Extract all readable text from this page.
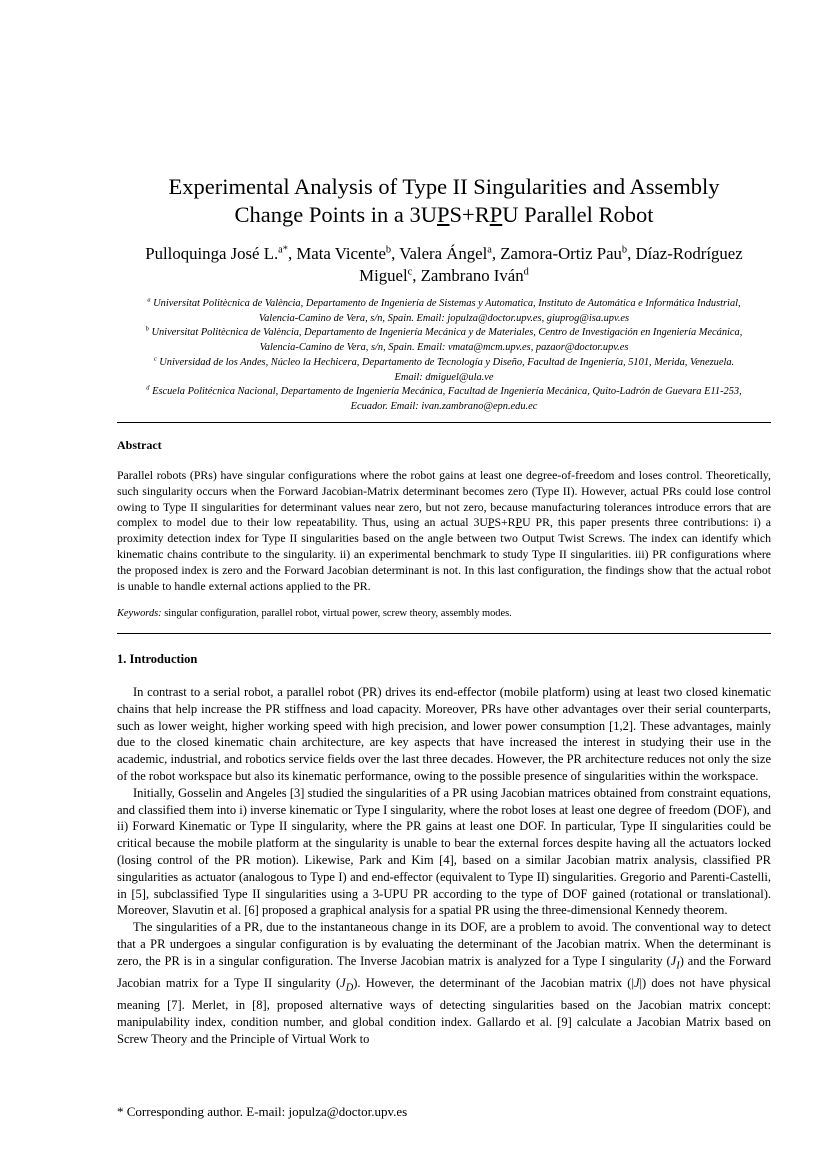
Experimental Analysis of Type II Singularities and Assembly
Change Points in a 3UPS+RPU Parallel Robot
Pulloquinga José L.$^{a*}$, Mata Vicente$^b$, Valera Ángel$^a$, Zamora-Ortiz Pau$^b$, Díaz-Rodríguez Miguel$^c$, Zambrano Iván$^d$
$^a$ Universitat Politècnica de València, Departamento de Ingeniería de Sistemas y Automatica, Instituto de Automática e Informática Industrial,
Valencia-Camino de Vera, s/n, Spain. Email: jopulza@doctor.upv.es, giuprog@isa.upv.es
$^b$ Universitat Politècnica de València, Departamento de Ingeniería Mecánica y de Materiales, Centro de Investigación en Ingeniería Mecánica,
Valencia-Camino de Vera, s/n, Spain. Email: vmata@mcm.upv.es, pazaor@doctor.upv.es
$^c$ Universidad de los Andes, Núcleo la Hechicera, Departamento de Tecnología y Diseño, Facultad de Ingeniería, 5101, Merida, Venezuela.
Email: dmiguel@ula.ve
$^d$ Escuela Politécnica Nacional, Departamento de Ingeniería Mecánica, Facultad de Ingeniería Mecánica, Quito-Ladrón de Guevara E11-253,
Ecuador. Email: ivan.zambrano@epn.edu.ec
Abstract
Parallel robots (PRs) have singular configurations where the robot gains at least one degree-of-freedom and loses control. Theoretically, such singularity occurs when the Forward Jacobian-Matrix determinant becomes zero (Type II). However, actual PRs could lose control owing to Type II singularities for determinant values near zero, but not zero, because manufacturing tolerances introduce errors that are complex to model due to their low repeatability. Thus, using an actual 3UPS+RPU PR, this paper presents three contributions: i) a proximity detection index for Type II singularities based on the angle between two Output Twist Screws. The index can identify which kinematic chains contribute to the singularity. ii) an experimental benchmark to study Type II singularities. iii) PR configurations where the proposed index is zero and the Forward Jacobian determinant is not. In this last configuration, the findings show that the actual robot is unable to handle external actions applied to the PR.
Keywords: singular configuration, parallel robot, virtual power, screw theory, assembly modes.
1. Introduction

In contrast to a serial robot, a parallel robot (PR) drives its end-effector (mobile platform) using at least two closed kinematic chains that help increase the PR stiffness and load capacity. Moreover, PRs have other advantages over their serial counterparts, such as lower weight, higher working speed with high precision, and lower power consumption [1,2]. These advantages, mainly due to the closed kinematic chain architecture, are key aspects that have increased the interest in studying their use in the academic, industrial, and robotics service fields over the last three decades. However, the PR architecture reduces not only the size of the robot workspace but also its kinematic performance, owing to the possible presence of singularities within the workspace.

Initially, Gosselin and Angeles [3] studied the singularities of a PR using Jacobian matrices obtained from constraint equations, and classified them into i) inverse kinematic or Type I singularity, where the robot loses at least one degree of freedom (DOF), and ii) Forward Kinematic or Type II singularity, where the PR gains at least one DOF. In particular, Type II singularities could be critical because the mobile platform at the singularity is unable to bear the external forces despite having all the actuators locked (losing control of the PR motion). Likewise, Park and Kim [4], based on a similar Jacobian matrix analysis, classified PR singularities as actuator (analogous to Type I) and end-effector (equivalent to Type II) singularities. Gregorio and Parenti-Castelli, in [5], subclassified Type II singularities using a 3-UPU PR according to the type of DOF gained (rotational or translational). Moreover, Slavutin et al. [6] proposed a graphical analysis for a spatial PR using the three-dimensional Kennedy theorem.

The singularities of a PR, due to the instantaneous change in its DOF, are a problem to avoid. The conventional way to detect that a PR undergoes a singular configuration is by evaluating the determinant of the Jacobian matrix. When the determinant is zero, the PR is in a singular configuration. The Inverse Jacobian matrix is analyzed for a Type I singularity $(J_I)$ and the Forward Jacobian matrix for a Type II singularity $(J_D)$. However, the determinant of the Jacobian matrix (|J|) does not have physical meaning [7]. Merlet, in [8], proposed alternative ways of detecting singularities based on the Jacobian matrix concept: manipulability index, condition number, and global condition index. Gallardo et al. [9] calculate a Jacobian Matrix based on Screw Theory and the Principle of Virtual Work to

* Corresponding author. E-mail: jopulza@doctor.upv.es
